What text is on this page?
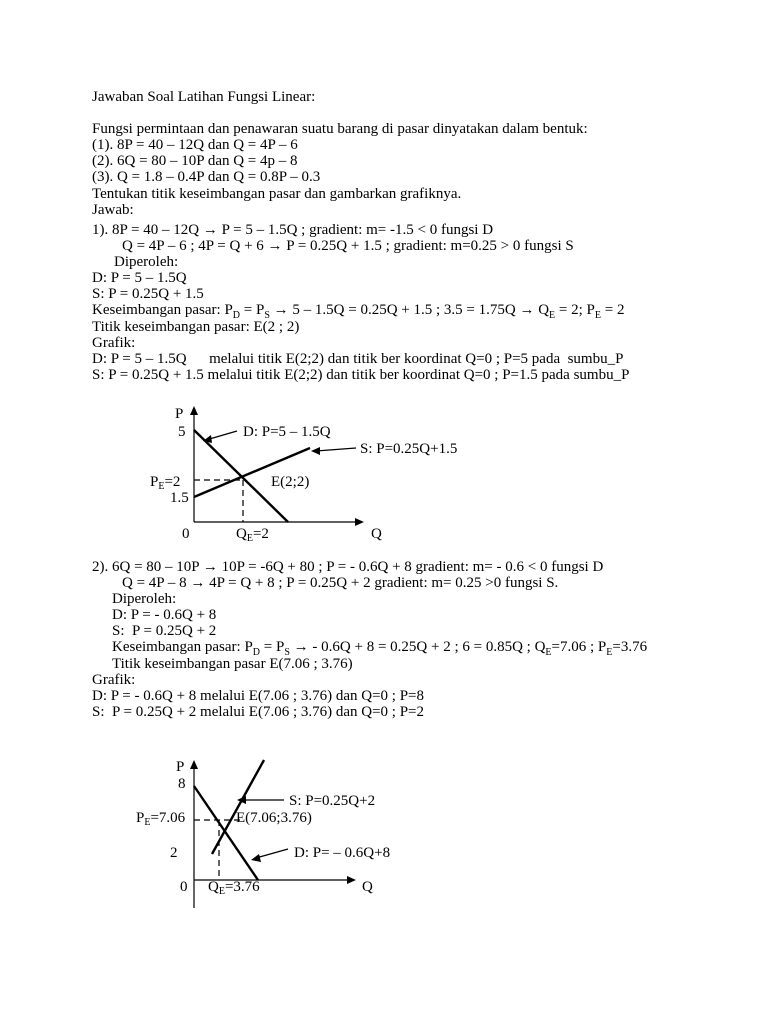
Jawaban Soal Latihan Fungsi Linear:
Fungsi permintaan dan penawaran suatu barang di pasar dinyatakan dalam bentuk:
(1). 8P = 40 – 12Q dan Q = 4P – 6
(2). 6Q = 80 – 10P dan Q = 4p – 8
(3). Q = 1.8 – 0.4P dan Q = 0.8P – 0.3
Tentukan titik keseimbangan pasar dan gambarkan grafiknya.
Jawab:
1). 8P = 40 – 12Q → P = 5 – 1.5Q ; gradient: m= -1.5 < 0 fungsi D
Q = 4P – 6 ; 4P = Q + 6 → P = 0.25Q + 1.5 ; gradient: m=0.25 > 0 fungsi S
Diperoleh:
D: P = 5 – 1.5Q
S: P = 0.25Q + 1.5
Keseimbangan pasar: $P_D = P_S \to 5 - 1.5Q = 0.25Q + 1.5$ ; $3.5 = 1.75Q \to Q_E = 2$; $P_E = 2$
Titik keseimbangan pasar: E(2 ; 2)
Grafik:
D: P = 5 – 1.5Q      melalui titik E(2;2) dan titik ber koordinat Q=0 ; P=5 pada  sumbu_P
S: P = 0.25Q + 1.5 melalui titik E(2;2) dan titik ber koordinat Q=0 ; P=1.5 pada sumbu_P
P
5	D: P=5 – 1.5Q
S: P=0.25Q+1.5
$P_E=2$	E(2;2)
1.5
0	$Q_E=2$	Q
2). 6Q = 80 – 10P → 10P = -6Q + 80 ; P = - 0.6Q + 8 gradient: m= - 0.6 < 0 fungsi D
Q = 4P – 8 → 4P = Q + 8 ; P = 0.25Q + 2 gradient: m= 0.25 >0 fungsi S.
Diperoleh:
D: P = - 0.6Q + 8
S:  P = 0.25Q + 2
Keseimbangan pasar: $P_D = P_S$ → - 0.6Q + 8 = 0.25Q + 2 ; 6 = 0.85Q ; $Q_E=7.06$ ; $P_E=3.76$
Titik keseimbangan pasar E(7.06 ; 3.76)
Grafik:
D: P = - 0.6Q + 8 melalui E(7.06 ; 3.76) dan Q=0 ; P=8
S:  P = 0.25Q + 2 melalui E(7.06 ; 3.76) dan Q=0 ; P=2
P
8
S: P=0.25Q+2
$P_E=7.06$	E(7.06;3.76)
2	D: P= – 0.6Q+8
0 $Q_E=3.76$	Q
